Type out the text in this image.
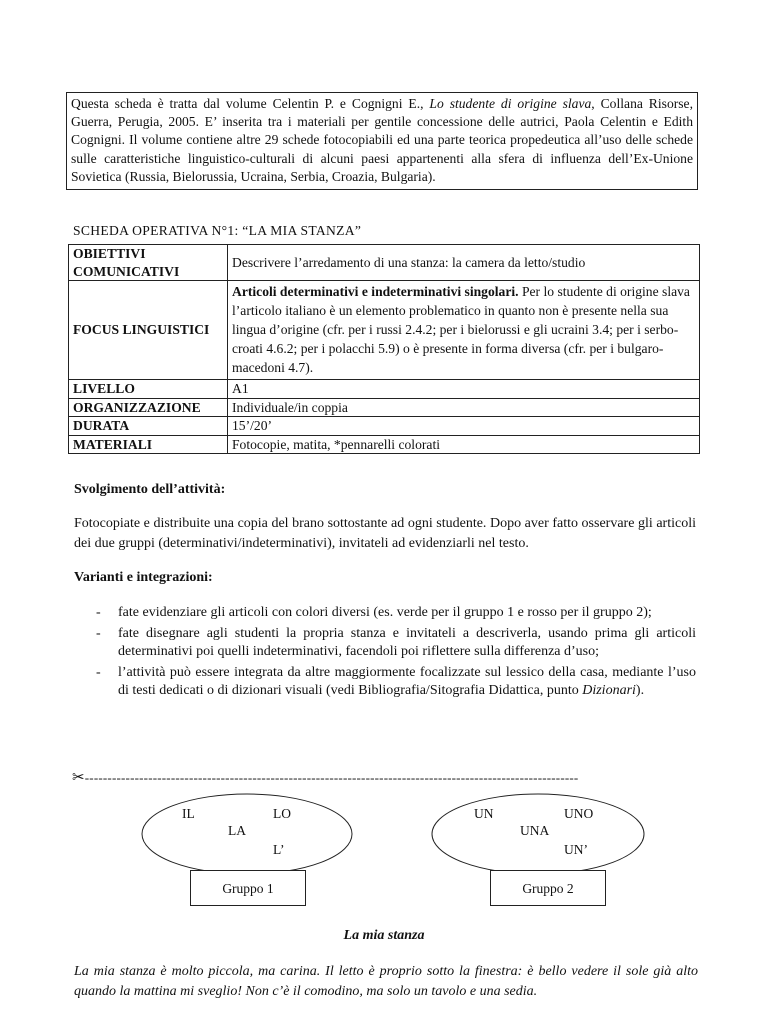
Questa scheda è tratta dal volume Celentin P. e Cognigni E., Lo studente di origine slava, Collana Risorse, Guerra, Perugia, 2005. E’ inserita tra i materiali per gentile concessione delle autrici, Paola Celentin e Edith Cognigni. Il volume contiene altre 29 schede fotocopiabili ed una parte teorica propedeutica all’uso delle schede sulle caratteristiche linguistico-culturali di alcuni paesi appartenenti alla sfera di influenza dell’Ex-Unione Sovietica (Russia, Bielorussia, Ucraina, Serbia, Croazia, Bulgaria).
SCHEDA OPERATIVA N°1: “LA MIA STANZA”
OBIETTIVI COMUNICATIVI	Descrivere l’arredamento di una stanza: la camera da letto/studio
FOCUS LINGUISTICI	Articoli determinativi e indeterminativi singolari. Per lo studente di origine slava l’articolo italiano è un elemento problematico in quanto non è presente nella sua lingua d’origine (cfr. per i russi 2.4.2; per i bielorussi e gli ucraini 3.4; per i serbo-croati 4.6.2; per i polacchi 5.9) o è presente in forma diversa (cfr. per i bulgaro-macedoni 4.7).
LIVELLO	A1
ORGANIZZAZIONE	Individuale/in coppia
DURATA	15’/20’
MATERIALI	Fotocopie, matita, *pennarelli colorati
Svolgimento dell’attività:
Fotocopiate e distribuite una copia del brano sottostante ad ogni studente. Dopo aver fatto osservare gli articoli dei due gruppi (determinativi/indeterminativi), invitateli ad evidenziarli nel testo.
Varianti e integrazioni:
- fate evidenziare gli articoli con colori diversi (es. verde per il gruppo 1 e rosso per il gruppo 2);
- fate disegnare agli studenti la propria stanza e invitateli a descriverla, usando prima gli articoli determinativi poi quelli indeterminativi, facendoli poi riflettere sulla differenza d’uso;
- l’attività può essere integrata da altre maggiormente focalizzate sul lessico della casa, mediante l’uso di testi dedicati o di dizionari visuali (vedi Bibliografia/Sitografia Didattica, punto Dizionari).
✂-------------------------------------------------------------------------------------------------------------
IL	LO
LA
L’
Gruppo 1
UN	UNO
UNA
UN’
Gruppo 2
La mia stanza
La mia stanza è molto piccola, ma carina. Il letto è proprio sotto la finestra: è bello vedere il sole già alto quando la mattina mi sveglio! Non c’è il comodino, ma solo un tavolo e una sedia.
